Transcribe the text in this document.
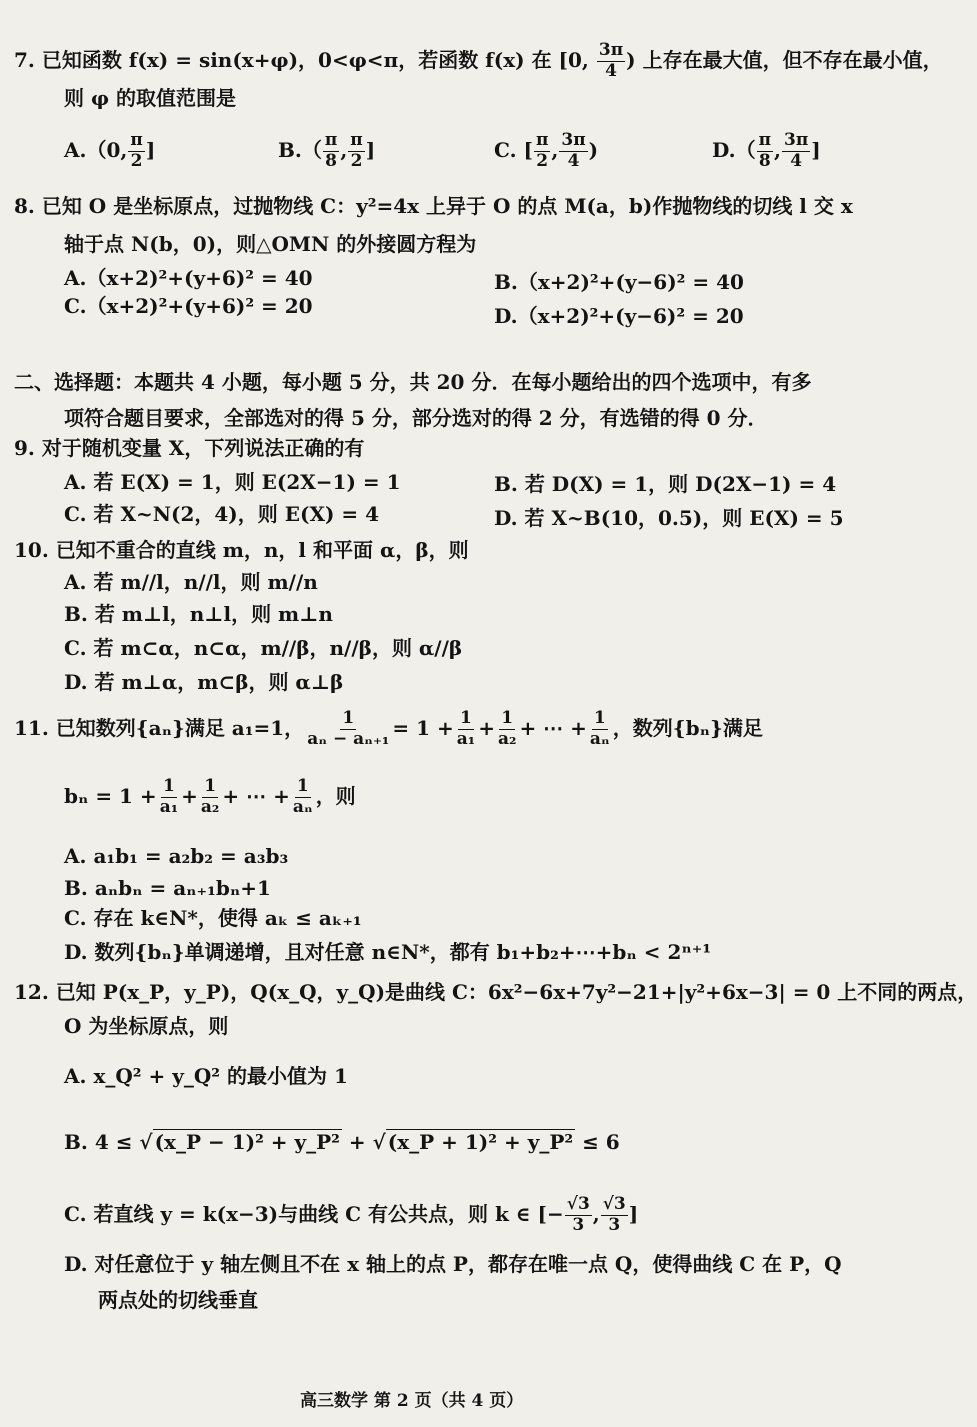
7. 已知函数 f(x) = sin(x+φ)，0<φ<π，若函数 f(x) 在 [0, $\frac{3\pi}{4}$ ) 上存在最大值，但不存在最小值，
则 φ 的取值范围是
A.（0, $\frac{\pi}{2}$ ]	$B.( \frac{\pi}{8}$ , $\frac{\pi}{2}$ ]	C. [ $\frac{\pi}{2}$ , $\frac{3\pi}{4}$ )	$D.( \frac{\pi}{8}$ , $\frac{3\pi}{4}$ ]
8. 已知 O 是坐标原点，过抛物线 C：y²=4x 上异于 O 的点 M(a，b)作抛物线的切线 l 交 x
轴于点 N(b，0)，则△OMN 的外接圆方程为
A.（x+2)²+(y+6)² = 40	B.（x+2)²+(y−6)² = 40
C.（x+2)²+(y+6)² = 20	D.（x+2)²+(y−6)² = 20
二、选择题：本题共 4 小题，每小题 5 分，共 20 分．在每小题给出的四个选项中，有多
项符合题目要求，全部选对的得 5 分，部分选对的得 2 分，有选错的得 0 分．
9. 对于随机变量 X，下列说法正确的有
A. 若 E(X) = 1，则 E(2X−1) = 1	B. 若 D(X) = 1，则 D(2X−1) = 4
C. 若 X~N(2，4)，则 E(X) = 4	D. 若 X~B(10，0.5)，则 E(X) = 5
10. 已知不重合的直线 m，n，l 和平面 α，β，则
A. 若 m//l，n//l，则 m//n
B. 若 m⊥l，n⊥l，则 m⊥n
C. 若 m⊂α，n⊂α，m//β，n//β，则 α//β
D. 若 m⊥α，m⊂β，则 α⊥β
11. 已知数列{aₙ}满足 a₁=1， $\frac{1}{\text{aₙ − aₙ₊₁}} = 1 + \frac{1}{\text{a₁}} + \frac{1}{\text{a₂}}$ + ⋯ + $\frac{1}{\text{aₙ}}$ ，数列{bₙ}满足
$b_n = 1 + \frac{1}{\text{a₁}} + \frac{1}{\text{a₂}}$ + ⋯ + $\frac{1}{\text{aₙ}}$ ，则
A. a₁b₁ = a₂b₂ = a₃b₃
B. aₙbₙ = aₙ₊₁bₙ+1
C. 存在 k∈N*，使得 aₖ ≤ aₖ₊₁
D. 数列{bₙ}单调递增，且对任意 n∈N*，都有 b₁+b₂+⋯+bₙ < 2ⁿ⁺¹
12. 已知 P(x_P，y_P)，Q(x_Q，y_Q)是曲线 C：6x²−6x+7y²−21+|y²+6x−3| = 0 上不同的两点，
O 为坐标原点，则
A. x_Q² + y_Q² 的最小值为 1
B. 4 ≤ √ (x_P − 1)² + y_P² + √ (x_P + 1)² + y_P² ≤ 6
C. 若直线 y = k(x−3)与曲线 C 有公共点，则 k ∈ [− $\frac{√3}{3}$ , $\frac{√3}{3}$ ]
D. 对任意位于 y 轴左侧且不在 x 轴上的点 P，都存在唯一点 Q，使得曲线 C 在 P，Q
两点处的切线垂直
高三数学 第 2 页（共 4 页）
